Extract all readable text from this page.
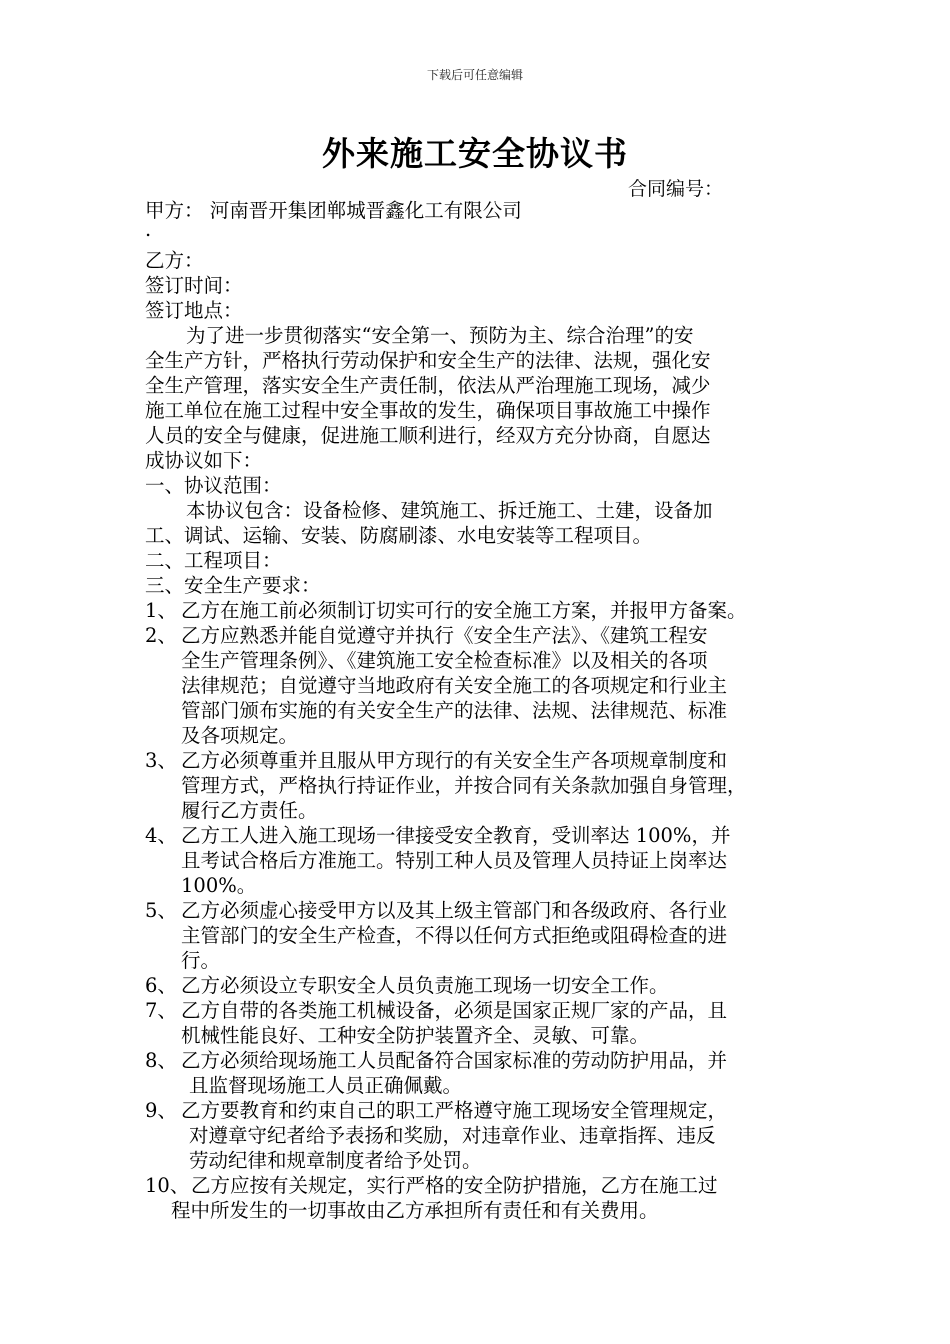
下载后可任意编辑
外来施工安全协议书
合同编号：
甲方： 河南晋开集团郸城晋鑫化工有限公司
.
乙方：
签订时间：
签订地点：
为了进一步贯彻落实“安全第一、预防为主、综合治理”的安
全生产方针，严格执行劳动保护和安全生产的法律、法规，强化安
全生产管理，落实安全生产责任制，依法从严治理施工现场，减少
施工单位在施工过程中安全事故的发生，确保项目事故施工中操作
人员的安全与健康，促进施工顺利进行，经双方充分协商，自愿达
成协议如下：
一、协议范围：
本协议包含：设备检修、建筑施工、拆迁施工、土建，设备加
工、调试、运输、安装、防腐刷漆、水电安装等工程项目。
二、工程项目：
三、安全生产要求：
1、 乙方在施工前必须制订切实可行的安全施工方案，并报甲方备案。
2、 乙方应熟悉并能自觉遵守并执行《安全生产法》、《建筑工程安
全生产管理条例》、《建筑施工安全检查标准》以及相关的各项
法律规范；自觉遵守当地政府有关安全施工的各项规定和行业主
管部门颁布实施的有关安全生产的法律、法规、法律规范、标准
及各项规定。
3、 乙方必须尊重并且服从甲方现行的有关安全生产各项规章制度和
管理方式，严格执行持证作业，并按合同有关条款加强自身管理，
履行乙方责任。
4、 乙方工人进入施工现场一律接受安全教育，受训率达 100%，并
且考试合格后方准施工。特别工种人员及管理人员持证上岗率达
100%。
5、 乙方必须虚心接受甲方以及其上级主管部门和各级政府、各行业
主管部门的安全生产检查，不得以任何方式拒绝或阻碍检查的进
行。
6、 乙方必须设立专职安全人员负责施工现场一切安全工作。
7、 乙方自带的各类施工机械设备，必须是国家正规厂家的产品，且
机械性能良好、工种安全防护装置齐全、灵敏、可靠。
8、 乙方必须给现场施工人员配备符合国家标准的劳动防护用品，并
且监督现场施工人员正确佩戴。
9、 乙方要教育和约束自己的职工严格遵守施工现场安全管理规定，
对遵章守纪者给予表扬和奖励，对违章作业、违章指挥、违反
劳动纪律和规章制度者给予处罚。
10、 乙方应按有关规定，实行严格的安全防护措施，乙方在施工过
程中所发生的一切事故由乙方承担所有责任和有关费用。
